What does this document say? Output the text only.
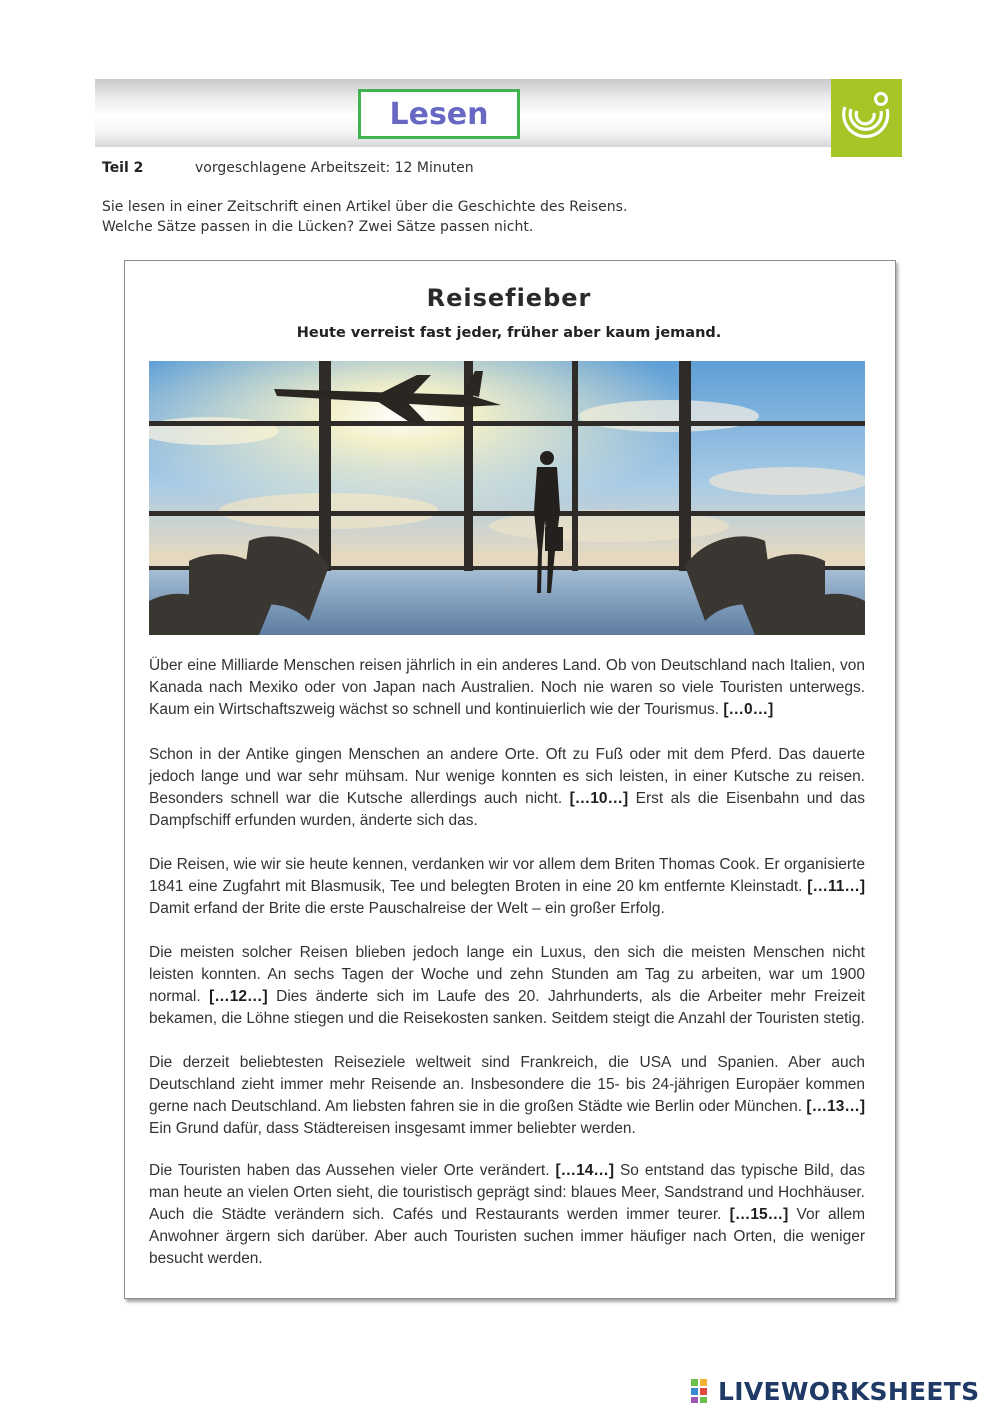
Lesen
Teil 2	vorgeschlagene Arbeitszeit: 12 Minuten
Sie lesen in einer Zeitschrift einen Artikel über die Geschichte des Reisens.
Welche Sätze passen in die Lücken? Zwei Sätze passen nicht.
Reisefieber
Heute verreist fast jeder, früher aber kaum jemand.
Über eine Milliarde Menschen reisen jährlich in ein anderes Land. Ob von Deutschland nach Italien, von Kanada nach Mexiko oder von Japan nach Australien. Noch nie waren so viele Touristen unterwegs. Kaum ein Wirtschaftszweig wächst so schnell und kontinuierlich wie der Tourismus. […0…]
Schon in der Antike gingen Menschen an andere Orte. Oft zu Fuß oder mit dem Pferd. Das dauerte jedoch lange und war sehr mühsam. Nur wenige konnten es sich leisten, in einer Kutsche zu reisen. Besonders schnell war die Kutsche allerdings auch nicht. […10…] Erst als die Eisenbahn und das Dampfschiff erfunden wurden, änderte sich das.
Die Reisen, wie wir sie heute kennen, verdanken wir vor allem dem Briten Thomas Cook. Er organisierte 1841 eine Zugfahrt mit Blasmusik, Tee und belegten Broten in eine 20 km entfernte Kleinstadt. […11…] Damit erfand der Brite die erste Pauschalreise der Welt – ein großer Erfolg.
Die meisten solcher Reisen blieben jedoch lange ein Luxus, den sich die meisten Menschen nicht leisten konnten. An sechs Tagen der Woche und zehn Stunden am Tag zu arbeiten, war um 1900 normal. […12…] Dies änderte sich im Laufe des 20. Jahrhunderts, als die Arbeiter mehr Freizeit bekamen, die Löhne stiegen und die Reisekosten sanken. Seitdem steigt die Anzahl der Touristen stetig.
Die derzeit beliebtesten Reiseziele weltweit sind Frankreich, die USA und Spanien. Aber auch Deutschland zieht immer mehr Reisende an. Insbesondere die 15- bis 24-jährigen Europäer kommen gerne nach Deutschland. Am liebsten fahren sie in die großen Städte wie Berlin oder München. […13…] Ein Grund dafür, dass Städtereisen insgesamt immer beliebter werden.
Die Touristen haben das Aussehen vieler Orte verändert. […14…] So entstand das typische Bild, das man heute an vielen Orten sieht, die touristisch geprägt sind: blaues Meer, Sandstrand und Hochhäuser. Auch die Städte verändern sich. Cafés und Restaurants werden immer teurer. […15…] Vor allem Anwohner ärgern sich darüber. Aber auch Touristen suchen immer häufiger nach Orten, die weniger besucht werden.
LIVEWORKSHEETS
